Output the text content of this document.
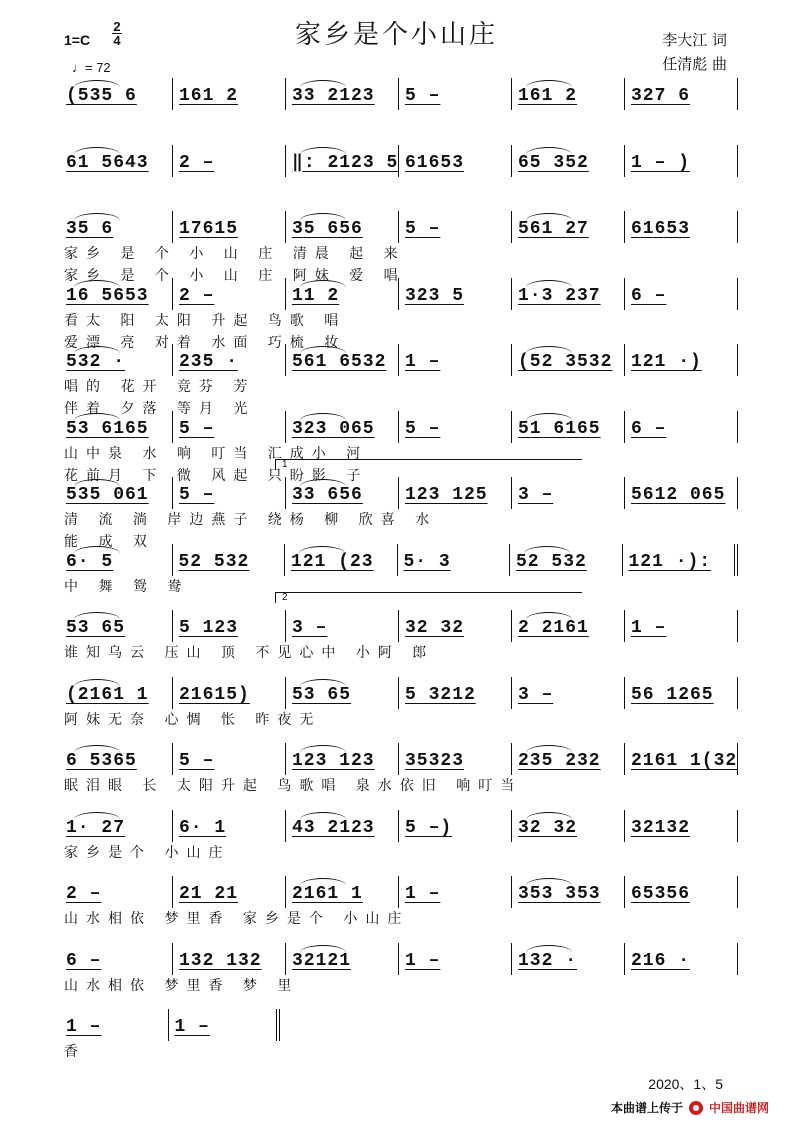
家乡是个小山庄
1=C
2
4
♩= 72
李大江 词
任清彪 曲
(535 6 161 2	33 2123 5 –	161 2	327 6
61 5643 2 –	‖: 2123 5 61653	65 352 1 – )
35 6	17615	35 656 5 –	561 27 61653
家乡 是 个 小 山 庄 清晨 起 来
家乡 是 个 小 山 庄 阿妹 爱 唱
16 5653 2 –	11 2	323 5	1·3 237 6 –
看太 阳 太阳 升起 鸟歌 唱
爱漂 亮 对着 水面 巧梳 妆
532 ·	235 ·	561 6532 1 –	(52 3532 121 ·)
唱的 花开 竞芬 芳
伴着 夕落 等月 光
53 6165 5 –	323 065 5 –	51 6165 6 –
山中泉 水 响 叮当 汇成小 河
花前月 下 微 风起 只盼影 子
1
535 061 5 –	33 656 123 125 3 –	5612 065
清 流 淌 岸边燕子 绕杨 柳 欣喜 水
能 成 双
6· 5	52 532 121 (23 5· 3	52 532 121 ·):
中 舞 鸳 鸯
2
53 65	5 123	3 –	32 32	2 2161 1 –
谁知乌云 压山 顶 不见心中 小阿 郎
(2161 1 21615) 53 65	5 3212 3 –	56 1265
阿妹无奈 心惆 怅 昨夜无
6 5365 5 –	123 123 35323	235 232 2161 1(32
眠泪眼 长 太阳升起 鸟歌唱 泉水依旧 响叮当
1· 27	6· 1	43 2123 5 –)	32 32	32132
家乡是个 小山庄
2 –	21 21	2161 1 1 –	353 353 65356
山水相依 梦里香 家乡是个 小山庄
6 –	132 132 32121	1 –	132 ·	216 ·
山水相依 梦里香 梦 里
1 –	1 –
香
2020、1、5
本曲谱上传于 中国曲谱网
